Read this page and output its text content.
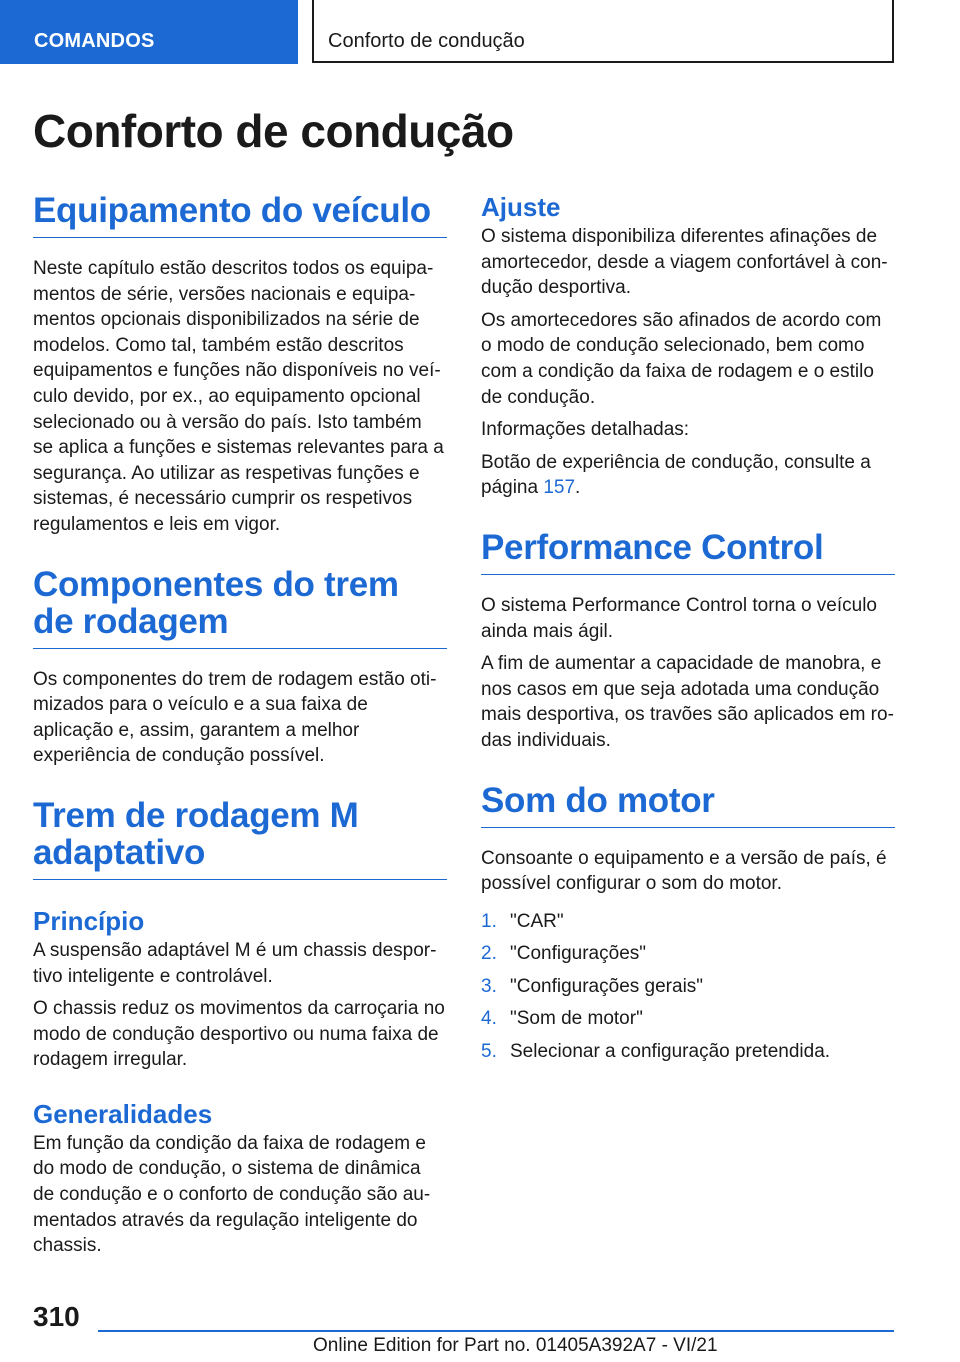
COMANDOS	Conforto de condução
Conforto de condução
Equipamento do veículo

Neste capítulo estão descritos todos os equipamentos de série, versões nacionais e equipamentos opcionais disponibilizados na série de modelos. Como tal, também estão descritos equipamentos e funções não disponíveis no veículo devido, por ex., ao equipamento opcional selecionado ou à versão do país. Isto também se aplica a funções e sistemas relevantes para a segurança. Ao utilizar as respetivas funções e sistemas, é necessário cumprir os respetivos regulamentos e leis em vigor.

Componentes do trem de rodagem

Os componentes do trem de rodagem estão otimizados para o veículo e a sua faixa de aplicação e, assim, garantem a melhor experiência de condução possível.

Trem de rodagem M adaptativo
Princípio

A suspensão adaptável M é um chassis desportivo inteligente e controlável.

O chassis reduz os movimentos da carroçaria no modo de condução desportivo ou numa faixa de rodagem irregular.

Generalidades

Em função da condição da faixa de rodagem e do modo de condução, o sistema de dinâmica de condução e o conforto de condução são aumentados através da regulação inteligente do chassis.

Ajuste

O sistema disponibiliza diferentes afinações de amortecedor, desde a viagem confortável à condução desportiva.

Os amortecedores são afinados de acordo com o modo de condução selecionado, bem como com a condição da faixa de rodagem e o estilo de condução.

Informações detalhadas:

Botão de experiência de condução, consulte a página 157.

Performance Control

O sistema Performance Control torna o veículo ainda mais ágil.

A fim de aumentar a capacidade de manobra, e nos casos em que seja adotada uma condução mais desportiva, os travões são aplicados em rodas individuais.

Som do motor

Consoante o equipamento e a versão de país, é possível configurar o som do motor.

1. "CAR"
2. "Configurações"
3. "Configurações gerais"
4. "Som de motor"
5. Selecionar a configuração pretendida.
310
Online Edition for Part no. 01405A392A7 - VI/21
